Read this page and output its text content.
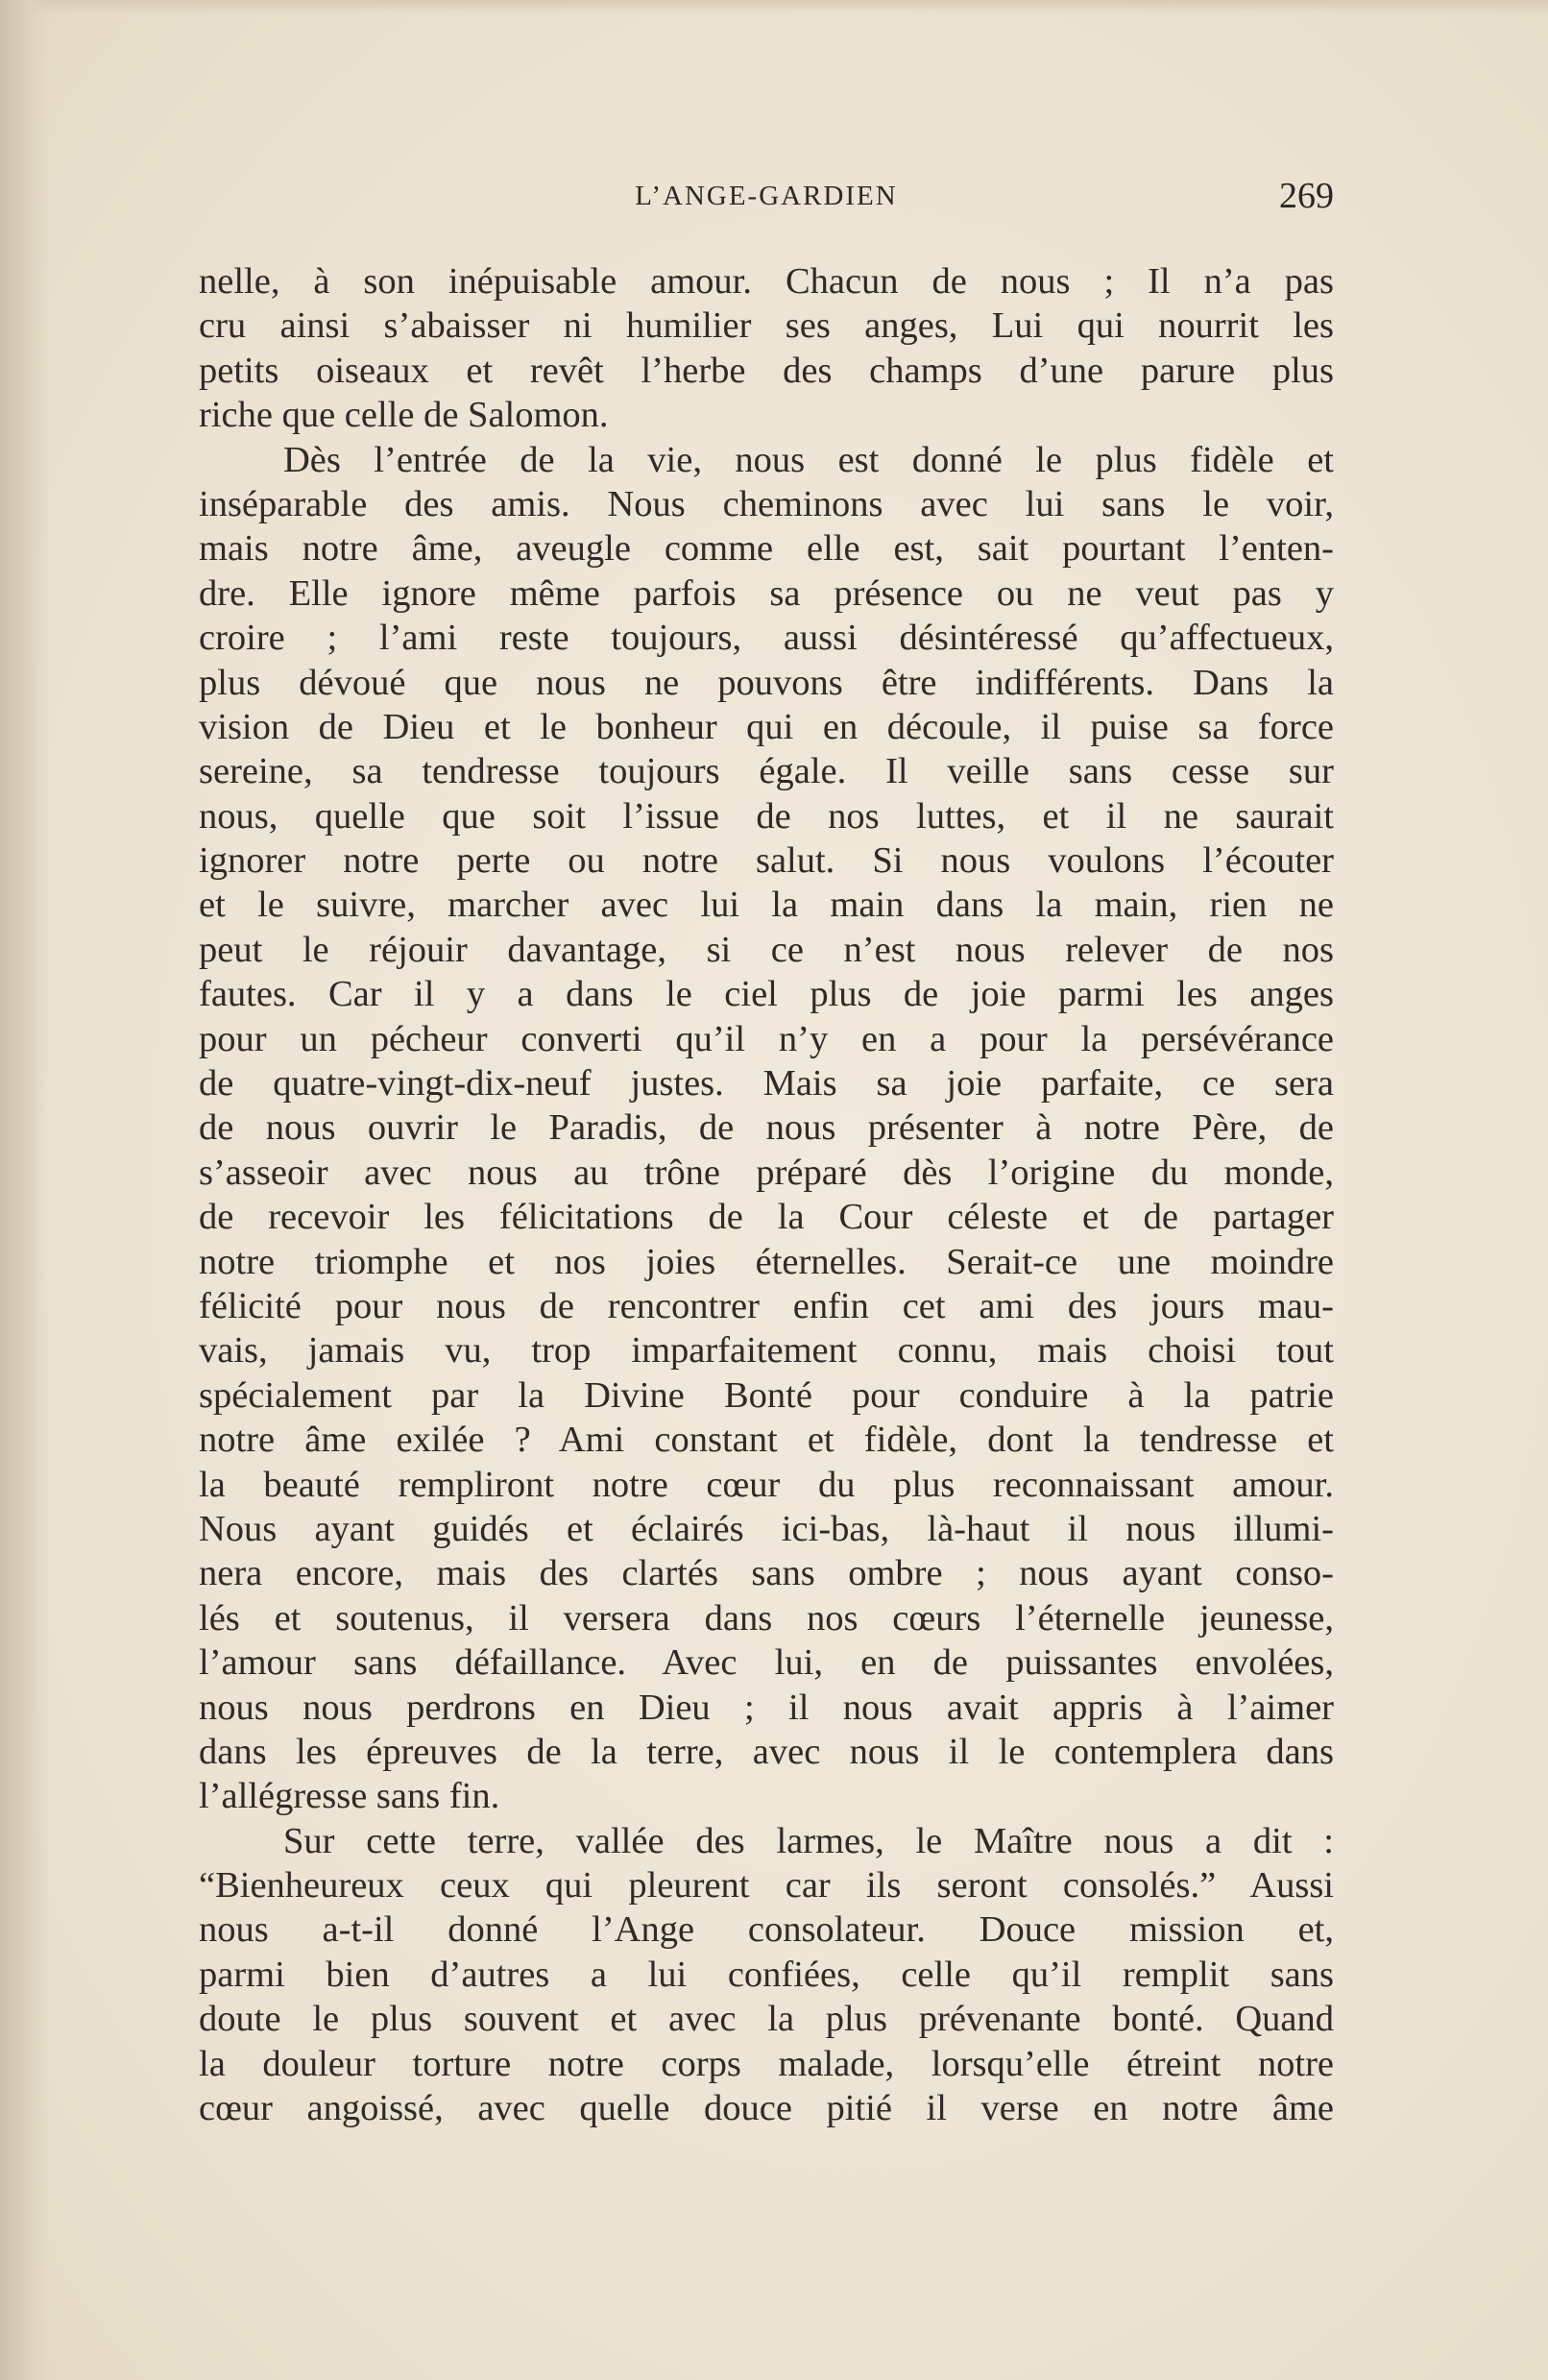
L’ANGE-GARDIEN	269
nelle, à son inépuisable amour. Chacun de nous ; Il n’a pas
cru ainsi s’abaisser ni humilier ses anges, Lui qui nourrit les
petits oiseaux et revêt l’herbe des champs d’une parure plus
riche que celle de Salomon.
Dès l’entrée de la vie, nous est donné le plus fidèle et
inséparable des amis. Nous cheminons avec lui sans le voir,
mais notre âme, aveugle comme elle est, sait pourtant l’enten-
dre. Elle ignore même parfois sa présence ou ne veut pas y
croire ; l’ami reste toujours, aussi désintéressé qu’affectueux,
plus dévoué que nous ne pouvons être indifférents. Dans la
vision de Dieu et le bonheur qui en découle, il puise sa force
sereine, sa tendresse toujours égale. Il veille sans cesse sur
nous, quelle que soit l’issue de nos luttes, et il ne saurait
ignorer notre perte ou notre salut. Si nous voulons l’écouter
et le suivre, marcher avec lui la main dans la main, rien ne
peut le réjouir davantage, si ce n’est nous relever de nos
fautes. Car il y a dans le ciel plus de joie parmi les anges
pour un pécheur converti qu’il n’y en a pour la persévérance
de quatre-vingt-dix-neuf justes. Mais sa joie parfaite, ce sera
de nous ouvrir le Paradis, de nous présenter à notre Père, de
s’asseoir avec nous au trône préparé dès l’origine du monde,
de recevoir les félicitations de la Cour céleste et de partager
notre triomphe et nos joies éternelles. Serait-ce une moindre
félicité pour nous de rencontrer enfin cet ami des jours mau-
vais, jamais vu, trop imparfaitement connu, mais choisi tout
spécialement par la Divine Bonté pour conduire à la patrie
notre âme exilée ? Ami constant et fidèle, dont la tendresse et
la beauté rempliront notre cœur du plus reconnaissant amour.
Nous ayant guidés et éclairés ici-bas, là-haut il nous illumi-
nera encore, mais des clartés sans ombre ; nous ayant conso-
lés et soutenus, il versera dans nos cœurs l’éternelle jeunesse,
l’amour sans défaillance. Avec lui, en de puissantes envolées,
nous nous perdrons en Dieu ; il nous avait appris à l’aimer
dans les épreuves de la terre, avec nous il le contemplera dans
l’allégresse sans fin.
Sur cette terre, vallée des larmes, le Maître nous a dit :
“Bienheureux ceux qui pleurent car ils seront consolés.” Aussi
nous a-t-il donné l’Ange consolateur. Douce mission et,
parmi bien d’autres a lui confiées, celle qu’il remplit sans
doute le plus souvent et avec la plus prévenante bonté. Quand
la douleur torture notre corps malade, lorsqu’elle étreint notre
cœur angoissé, avec quelle douce pitié il verse en notre âme
